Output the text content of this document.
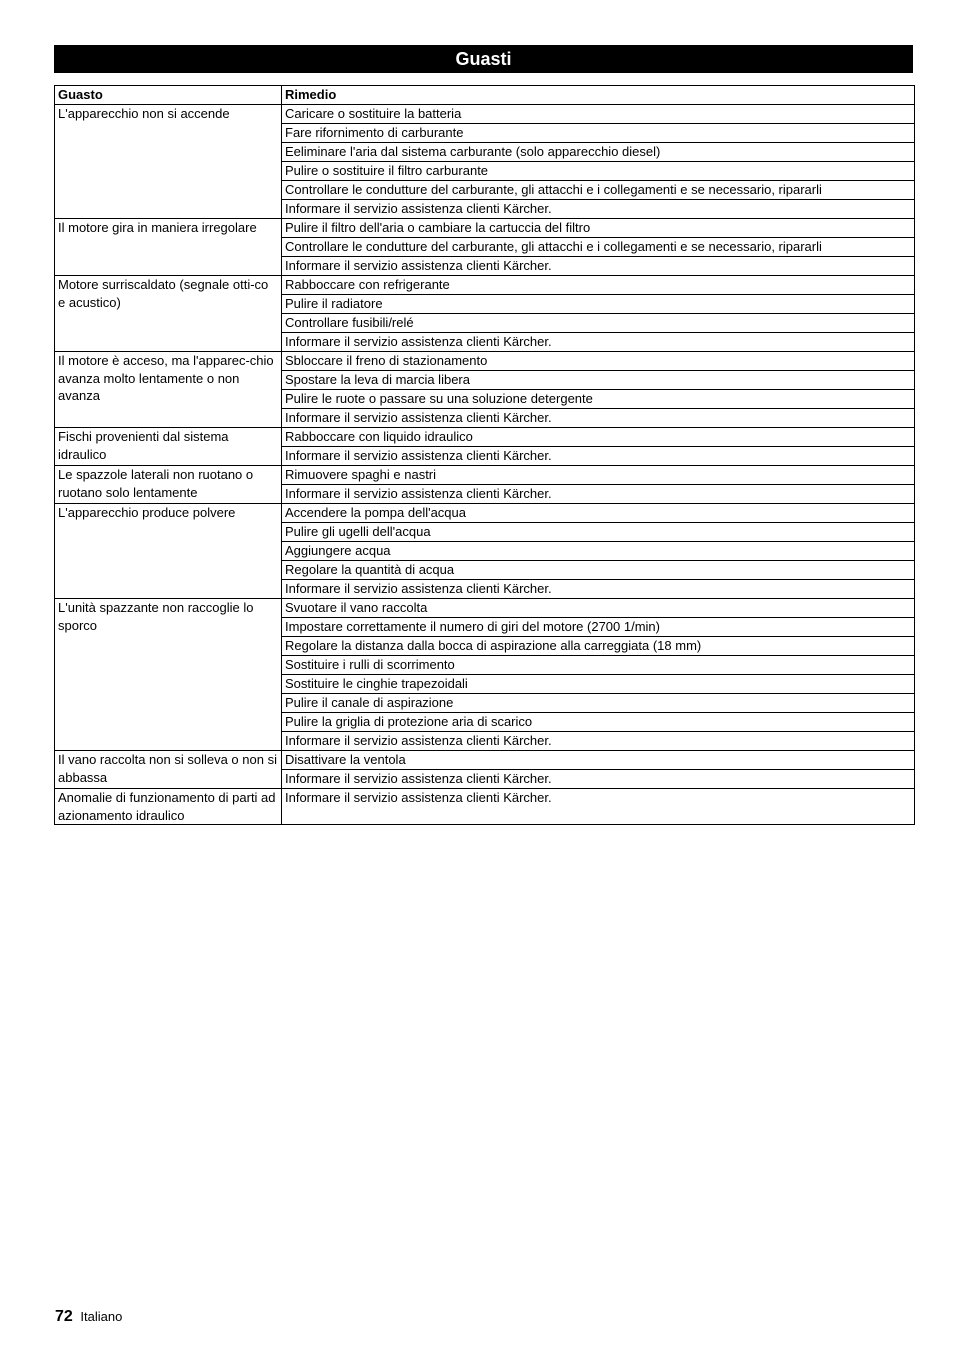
Guasti
Guasto	Rimedio
L'apparecchio non si accende	Caricare o sostituire la batteria
	Fare rifornimento di carburante
	Eeliminare l'aria dal sistema carburante (solo apparecchio diesel)
	Pulire o sostituire il filtro carburante
	Controllare le condutture del carburante, gli attacchi e i collegamenti e se necessario, ripararli
	Informare il servizio assistenza clienti Kärcher.
Il motore gira in maniera irregolare	Pulire il filtro dell'aria o cambiare la cartuccia del filtro
	Controllare le condutture del carburante, gli attacchi e i collegamenti e se necessario, ripararli
	Informare il servizio assistenza clienti Kärcher.
Motore surriscaldato (segnale otti-co e acustico)	Rabboccare con refrigerante
	Pulire il radiatore
	Controllare fusibili/relé
	Informare il servizio assistenza clienti Kärcher.
Il motore è acceso, ma l'apparec-chio avanza molto lentamente o non avanza	Sbloccare il freno di stazionamento
	Spostare la leva di marcia libera
	Pulire le ruote o passare su una soluzione detergente
	Informare il servizio assistenza clienti Kärcher.
Fischi provenienti dal sistema idraulico	Rabboccare con liquido idraulico
	Informare il servizio assistenza clienti Kärcher.
Le spazzole laterali non ruotano o ruotano solo lentamente	Rimuovere spaghi e nastri
	Informare il servizio assistenza clienti Kärcher.
L'apparecchio produce polvere	Accendere la pompa dell'acqua
	Pulire gli ugelli dell'acqua
	Aggiungere acqua
	Regolare la quantità di acqua
	Informare il servizio assistenza clienti Kärcher.
L'unità spazzante non raccoglie lo sporco	Svuotare il vano raccolta
	Impostare correttamente il numero di giri del motore (2700 1/min)
	Regolare la distanza dalla bocca di aspirazione alla carreggiata (18 mm)
	Sostituire i rulli di scorrimento
	Sostituire le cinghie trapezoidali
	Pulire il canale di aspirazione
	Pulire la griglia di protezione aria di scarico
	Informare il servizio assistenza clienti Kärcher.
Il vano raccolta non si solleva o non si abbassa	Disattivare la ventola
	Informare il servizio assistenza clienti Kärcher.
Anomalie di funzionamento di parti ad azionamento idraulico	Informare il servizio assistenza clienti Kärcher.
72 Italiano
